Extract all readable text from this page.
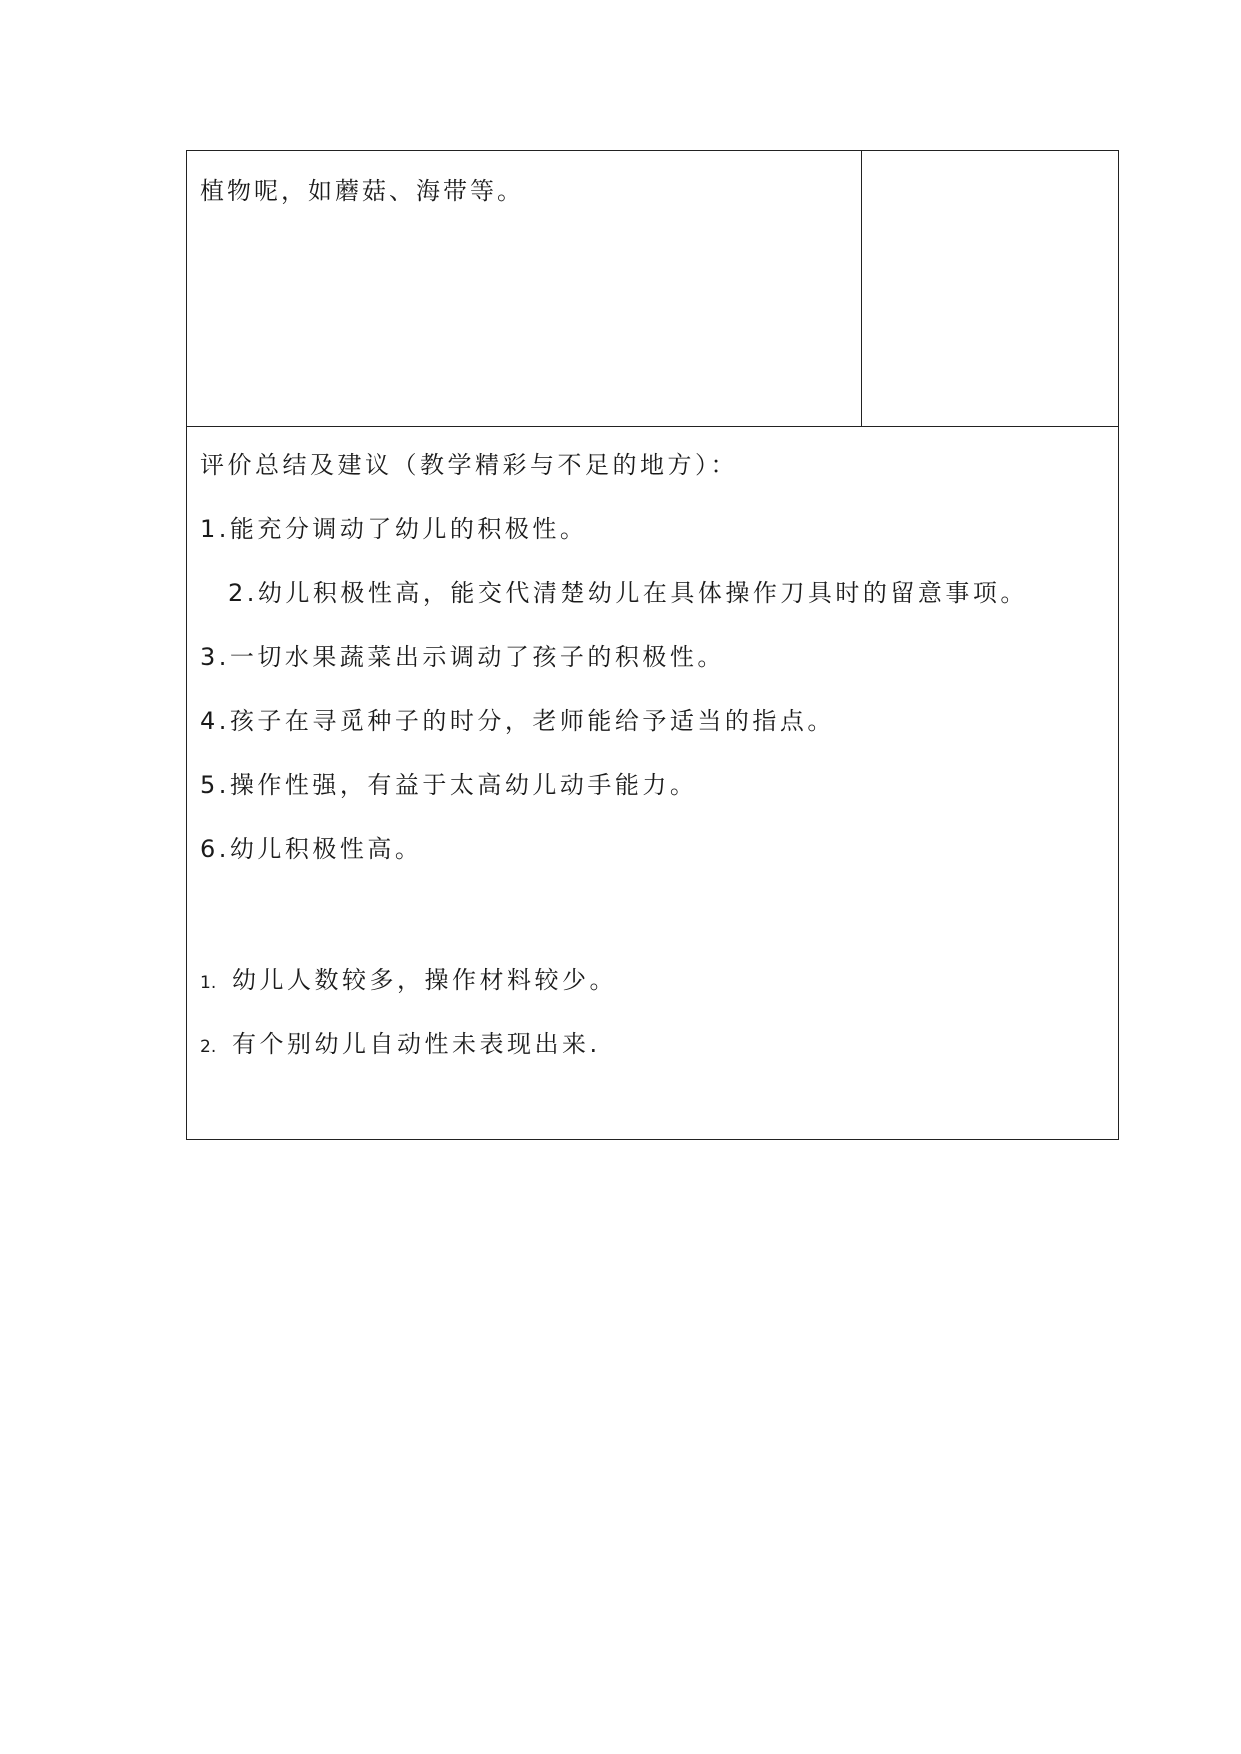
植物呢，如蘑菇、海带等。
评价总结及建议（教学精彩与不足的地方）：
1.能充分调动了幼儿的积极性。
2.幼儿积极性高，能交代清楚幼儿在具体操作刀具时的留意事项。
3.一切水果蔬菜出示调动了孩子的积极性。
4.孩子在寻觅种子的时分，老师能给予适当的指点。
5.操作性强，有益于太高幼儿动手能力。
6.幼儿积极性高。
1. 幼儿人数较多，操作材料较少。
2. 有个别幼儿自动性未表现出来.
